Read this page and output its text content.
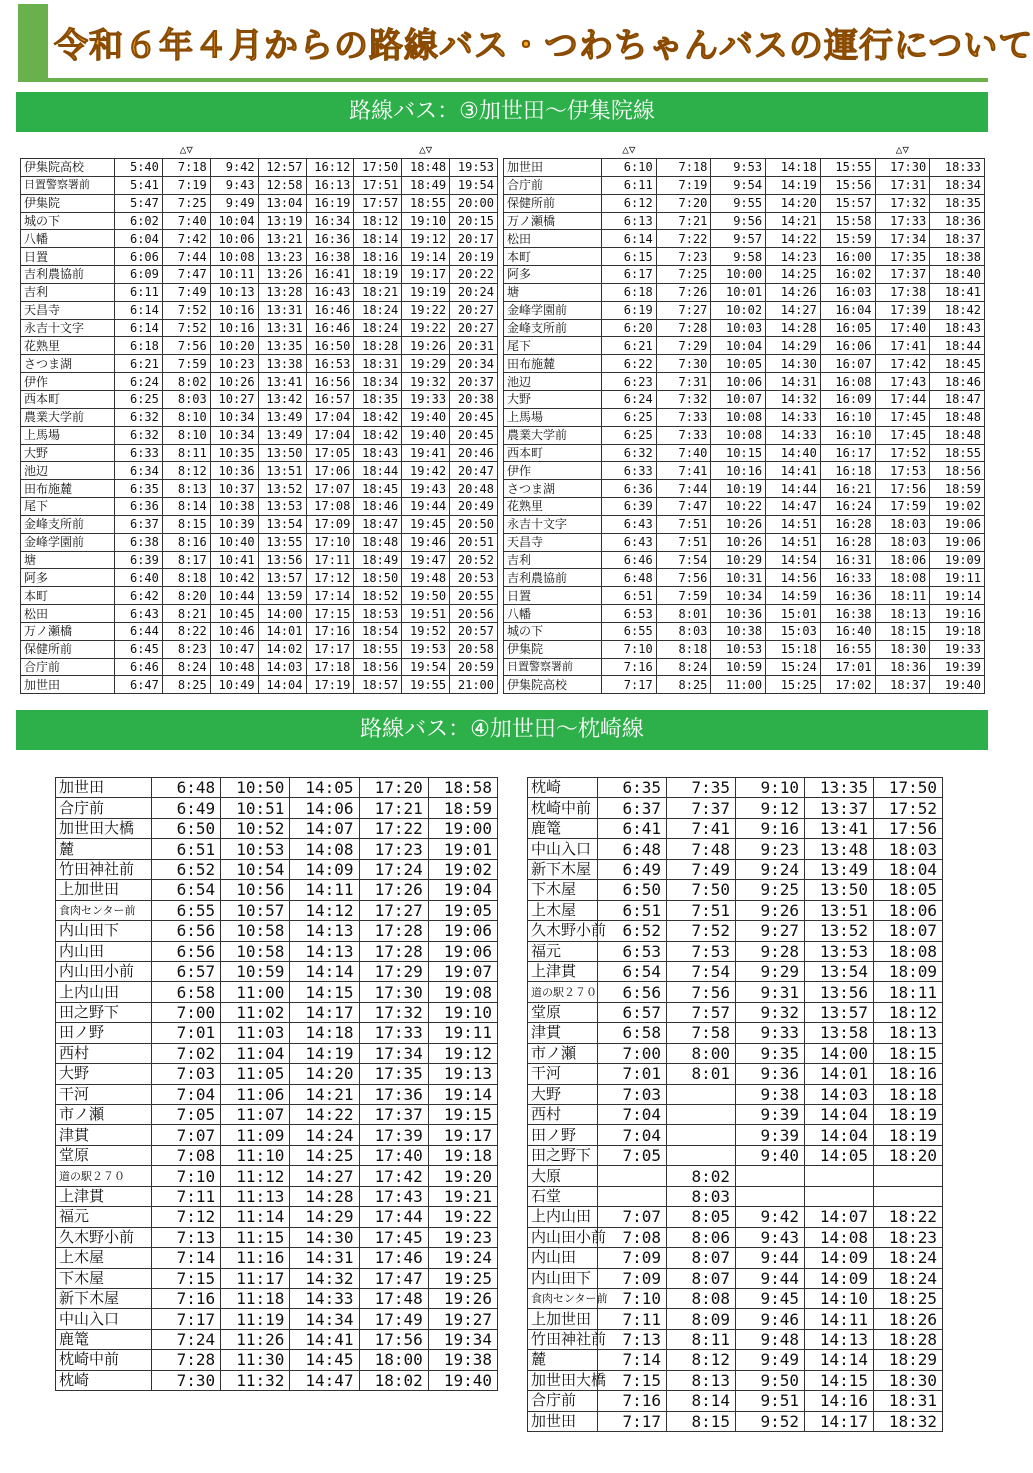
令和６年４月からの路線バス・つわちゃんバスの運行について
路線バス：③加世田～伊集院線
		△▽					△▽	
伊集院高校	5:40	7:18	9:42	12:57	16:12	17:50	18:48	19:53
日置警察署前	5:41	7:19	9:43	12:58	16:13	17:51	18:49	19:54
伊集院	5:47	7:25	9:49	13:04	16:19	17:57	18:55	20:00
城の下	6:02	7:40	10:04	13:19	16:34	18:12	19:10	20:15
八幡	6:04	7:42	10:06	13:21	16:36	18:14	19:12	20:17
日置	6:06	7:44	10:08	13:23	16:38	18:16	19:14	20:19
吉利農協前	6:09	7:47	10:11	13:26	16:41	18:19	19:17	20:22
吉利	6:11	7:49	10:13	13:28	16:43	18:21	19:19	20:24
天昌寺	6:14	7:52	10:16	13:31	16:46	18:24	19:22	20:27
永吉十文字	6:14	7:52	10:16	13:31	16:46	18:24	19:22	20:27
花熟里	6:18	7:56	10:20	13:35	16:50	18:28	19:26	20:31
さつま湖	6:21	7:59	10:23	13:38	16:53	18:31	19:29	20:34
伊作	6:24	8:02	10:26	13:41	16:56	18:34	19:32	20:37
西本町	6:25	8:03	10:27	13:42	16:57	18:35	19:33	20:38
農業大学前	6:32	8:10	10:34	13:49	17:04	18:42	19:40	20:45
上馬場	6:32	8:10	10:34	13:49	17:04	18:42	19:40	20:45
大野	6:33	8:11	10:35	13:50	17:05	18:43	19:41	20:46
池辺	6:34	8:12	10:36	13:51	17:06	18:44	19:42	20:47
田布施麓	6:35	8:13	10:37	13:52	17:07	18:45	19:43	20:48
尾下	6:36	8:14	10:38	13:53	17:08	18:46	19:44	20:49
金峰支所前	6:37	8:15	10:39	13:54	17:09	18:47	19:45	20:50
金峰学園前	6:38	8:16	10:40	13:55	17:10	18:48	19:46	20:51
塘	6:39	8:17	10:41	13:56	17:11	18:49	19:47	20:52
阿多	6:40	8:18	10:42	13:57	17:12	18:50	19:48	20:53
本町	6:42	8:20	10:44	13:59	17:14	18:52	19:50	20:55
松田	6:43	8:21	10:45	14:00	17:15	18:53	19:51	20:56
万ノ瀬橋	6:44	8:22	10:46	14:01	17:16	18:54	19:52	20:57
保健所前	6:45	8:23	10:47	14:02	17:17	18:55	19:53	20:58
合庁前	6:46	8:24	10:48	14:03	17:18	18:56	19:54	20:59
加世田	6:47	8:25	10:49	14:04	17:19	18:57	19:55	21:00
	△▽					△▽	
加世田	6:10	7:18	9:53	14:18	15:55	17:30	18:33
合庁前	6:11	7:19	9:54	14:19	15:56	17:31	18:34
保健所前	6:12	7:20	9:55	14:20	15:57	17:32	18:35
万ノ瀬橋	6:13	7:21	9:56	14:21	15:58	17:33	18:36
松田	6:14	7:22	9:57	14:22	15:59	17:34	18:37
本町	6:15	7:23	9:58	14:23	16:00	17:35	18:38
阿多	6:17	7:25	10:00	14:25	16:02	17:37	18:40
塘	6:18	7:26	10:01	14:26	16:03	17:38	18:41
金峰学園前	6:19	7:27	10:02	14:27	16:04	17:39	18:42
金峰支所前	6:20	7:28	10:03	14:28	16:05	17:40	18:43
尾下	6:21	7:29	10:04	14:29	16:06	17:41	18:44
田布施麓	6:22	7:30	10:05	14:30	16:07	17:42	18:45
池辺	6:23	7:31	10:06	14:31	16:08	17:43	18:46
大野	6:24	7:32	10:07	14:32	16:09	17:44	18:47
上馬場	6:25	7:33	10:08	14:33	16:10	17:45	18:48
農業大学前	6:25	7:33	10:08	14:33	16:10	17:45	18:48
西本町	6:32	7:40	10:15	14:40	16:17	17:52	18:55
伊作	6:33	7:41	10:16	14:41	16:18	17:53	18:56
さつま湖	6:36	7:44	10:19	14:44	16:21	17:56	18:59
花熟里	6:39	7:47	10:22	14:47	16:24	17:59	19:02
永吉十文字	6:43	7:51	10:26	14:51	16:28	18:03	19:06
天昌寺	6:43	7:51	10:26	14:51	16:28	18:03	19:06
吉利	6:46	7:54	10:29	14:54	16:31	18:06	19:09
吉利農協前	6:48	7:56	10:31	14:56	16:33	18:08	19:11
日置	6:51	7:59	10:34	14:59	16:36	18:11	19:14
八幡	6:53	8:01	10:36	15:01	16:38	18:13	19:16
城の下	6:55	8:03	10:38	15:03	16:40	18:15	19:18
伊集院	7:10	8:18	10:53	15:18	16:55	18:30	19:33
日置警察署前	7:16	8:24	10:59	15:24	17:01	18:36	19:39
伊集院高校	7:17	8:25	11:00	15:25	17:02	18:37	19:40
路線バス：④加世田～枕崎線
加世田	6:48	10:50	14:05	17:20	18:58
合庁前	6:49	10:51	14:06	17:21	18:59
加世田大橋	6:50	10:52	14:07	17:22	19:00
麓	6:51	10:53	14:08	17:23	19:01
竹田神社前	6:52	10:54	14:09	17:24	19:02
上加世田	6:54	10:56	14:11	17:26	19:04
食肉センター前	6:55	10:57	14:12	17:27	19:05
内山田下	6:56	10:58	14:13	17:28	19:06
内山田	6:56	10:58	14:13	17:28	19:06
内山田小前	6:57	10:59	14:14	17:29	19:07
上内山田	6:58	11:00	14:15	17:30	19:08
田之野下	7:00	11:02	14:17	17:32	19:10
田ノ野	7:01	11:03	14:18	17:33	19:11
西村	7:02	11:04	14:19	17:34	19:12
大野	7:03	11:05	14:20	17:35	19:13
干河	7:04	11:06	14:21	17:36	19:14
市ノ瀬	7:05	11:07	14:22	17:37	19:15
津貫	7:07	11:09	14:24	17:39	19:17
堂原	7:08	11:10	14:25	17:40	19:18
道の駅２７０	7:10	11:12	14:27	17:42	19:20
上津貫	7:11	11:13	14:28	17:43	19:21
福元	7:12	11:14	14:29	17:44	19:22
久木野小前	7:13	11:15	14:30	17:45	19:23
上木屋	7:14	11:16	14:31	17:46	19:24
下木屋	7:15	11:17	14:32	17:47	19:25
新下木屋	7:16	11:18	14:33	17:48	19:26
中山入口	7:17	11:19	14:34	17:49	19:27
鹿篭	7:24	11:26	14:41	17:56	19:34
枕崎中前	7:28	11:30	14:45	18:00	19:38
枕崎	7:30	11:32	14:47	18:02	19:40
枕崎	6:35	7:35	9:10	13:35	17:50
枕崎中前	6:37	7:37	9:12	13:37	17:52
鹿篭	6:41	7:41	9:16	13:41	17:56
中山入口	6:48	7:48	9:23	13:48	18:03
新下木屋	6:49	7:49	9:24	13:49	18:04
下木屋	6:50	7:50	9:25	13:50	18:05
上木屋	6:51	7:51	9:26	13:51	18:06
久木野小前	6:52	7:52	9:27	13:52	18:07
福元	6:53	7:53	9:28	13:53	18:08
上津貫	6:54	7:54	9:29	13:54	18:09
道の駅２７０	6:56	7:56	9:31	13:56	18:11
堂原	6:57	7:57	9:32	13:57	18:12
津貫	6:58	7:58	9:33	13:58	18:13
市ノ瀬	7:00	8:00	9:35	14:00	18:15
干河	7:01	8:01	9:36	14:01	18:16
大野	7:03		9:38	14:03	18:18
西村	7:04		9:39	14:04	18:19
田ノ野	7:04		9:39	14:04	18:19
田之野下	7:05		9:40	14:05	18:20
大原		8:02			
石堂		8:03			
上内山田	7:07	8:05	9:42	14:07	18:22
内山田小前	7:08	8:06	9:43	14:08	18:23
内山田	7:09	8:07	9:44	14:09	18:24
内山田下	7:09	8:07	9:44	14:09	18:24
食肉センター前	7:10	8:08	9:45	14:10	18:25
上加世田	7:11	8:09	9:46	14:11	18:26
竹田神社前	7:13	8:11	9:48	14:13	18:28
麓	7:14	8:12	9:49	14:14	18:29
加世田大橋	7:15	8:13	9:50	14:15	18:30
合庁前	7:16	8:14	9:51	14:16	18:31
加世田	7:17	8:15	9:52	14:17	18:32
